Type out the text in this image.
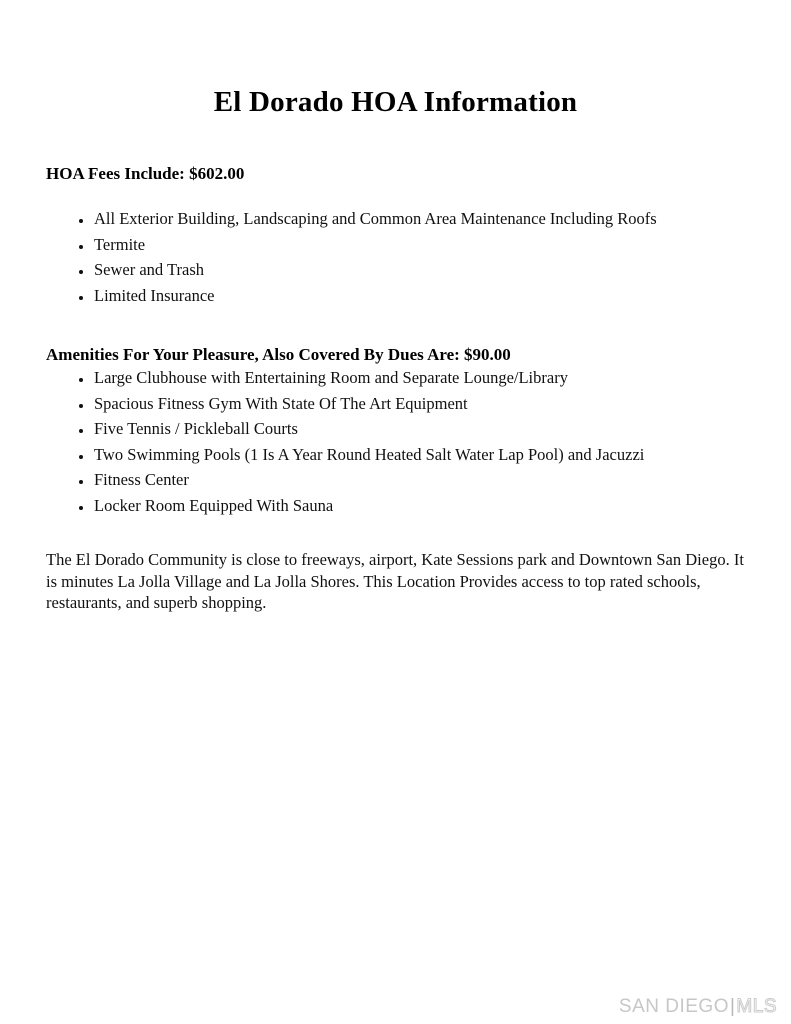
El Dorado HOA Information
HOA Fees Include: $602.00
• All Exterior Building, Landscaping and Common Area Maintenance Including Roofs
• Termite
• Sewer and Trash
• Limited Insurance
Amenities For Your Pleasure, Also Covered By Dues Are: $90.00
• Large Clubhouse with Entertaining Room and Separate Lounge/Library
• Spacious Fitness Gym With State Of The Art Equipment
• Five Tennis / Pickleball Courts
• Two Swimming Pools (1 Is A Year Round Heated Salt Water Lap Pool) and Jacuzzi
• Fitness Center
• Locker Room Equipped With Sauna

The El Dorado Community is close to freeways, airport, Kate Sessions park and Downtown San Diego. It is minutes La Jolla Village and La Jolla Shores. This Location Provides access to top rated schools, restaurants, and superb shopping.

SAN DIEGO|MLS
